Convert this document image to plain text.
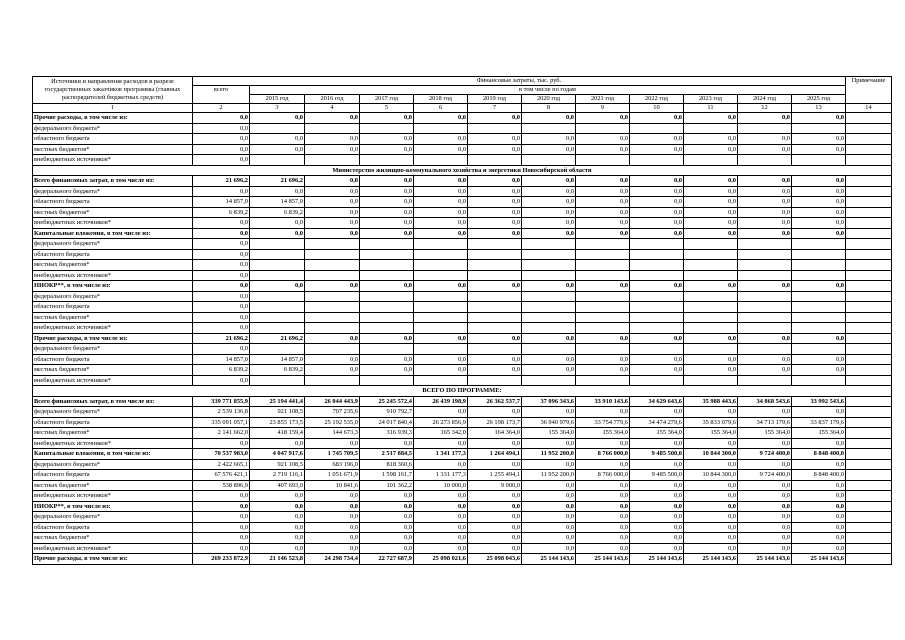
Источники и направления расходов в разрезе государственных заказчиков программы (главных распорядителей бюджетных средств)	Финансовые затраты, тыс. руб.												Примечание
	всего	в том числе по годам											
		2015 год	2016 год	2017 год	2018 год	2019 год	2020 год	2021 год	2022 год	2023 год	2024 год	2025 год	
1	2	3	4	5	6	7	8	9	10	11	12	13	14
Прочие расходы, в том числе из:	0,0	0,0	0,0	0,0	0,0	0,0	0,0	0,0	0,0	0,0	0,0	0,0	
федерального бюджета*	0,0												
областного бюджета	0,0	0,0	0,0	0,0	0,0	0,0	0,0	0,0	0,0	0,0	0,0	0,0	
местных бюджетов*	0,0	0,0	0,0	0,0	0,0	0,0	0,0	0,0	0,0	0,0	0,0	0,0	
внебюджетных источников*	0,0												
Министерство жилищно-коммунального хозяйства и энергетики Новосибирской области													
Всего финансовых затрат, в том числе из:	21 696,2	21 696,2	0,0	0,0	0,0	0,0	0,0	0,0	0,0	0,0	0,0	0,0	
федерального бюджета*	0,0	0,0	0,0	0,0	0,0	0,0	0,0	0,0	0,0	0,0	0,0	0,0	
областного бюджета	14 857,0	14 857,0	0,0	0,0	0,0	0,0	0,0	0,0	0,0	0,0	0,0	0,0	
местных бюджетов*	6 839,2	6 839,2	0,0	0,0	0,0	0,0	0,0	0,0	0,0	0,0	0,0	0,0	
внебюджетных источников*	0,0	0,0	0,0	0,0	0,0	0,0	0,0	0,0	0,0	0,0	0,0	0,0	
Капитальные вложения, в том числе из:	0,0	0,0	0,0	0,0	0,0	0,0	0,0	0,0	0,0	0,0	0,0	0,0	
федерального бюджета*	0,0												
областного бюджета	0,0												
местных бюджетов*	0,0												
внебюджетных источников*	0,0												
НИОКР**, в том числе из:	0,0	0,0	0,0	0,0	0,0	0,0	0,0	0,0	0,0	0,0	0,0	0,0	
федерального бюджета*	0,0												
областного бюджета	0,0												
местных бюджетов*	0,0												
внебюджетных источников*	0,0												
Прочие расходы, в том числе из:	21 696,2	21 696,2	0,0	0,0	0,0	0,0	0,0	0,0	0,0	0,0	0,0	0,0	
федерального бюджета*	0,0												
областного бюджета	14 857,0	14 857,0	0,0	0,0	0,0	0,0	0,0	0,0	0,0	0,0	0,0	0,0	
местных бюджетов*	6 839,2	6 839,2	0,0	0,0	0,0	0,0	0,0	0,0	0,0	0,0	0,0	0,0	
внебюджетных источников*	0,0												
ВСЕГО ПО ПРОГРАММЕ:													
Всего финансовых затрат, в том числе из:	339 771 855,9	25 194 441,4	26 044 443,9	25 245 572,4	26 439 198,9	26 362 537,7	37 096 343,6	33 910 143,6	34 629 643,6	35 988 443,6	34 868 543,6	33 992 543,6	
федерального бюджета*	2 539 136,8	921 108,5	707 235,6	910 792,7	0,0	0,0	0,0	0,0	0,0	0,0	0,0	0,0	
областного бюджета	335 091 057,1	23 855 173,5	25 192 535,0	24 017 840,4	26 273 856,9	26 198 173,7	36 940 979,6	33 754 779,6	34 474 279,6	35 833 079,6	34 713 179,6	33 837 179,6	
местных бюджетов*	2 141 662,0	418 159,4	144 673,3	316 939,3	165 342,0	164 364,0	155 364,0	155 364,0	155 364,0	155 364,0	155 364,0	155 364,0	
внебюджетных источников*	0,0	0,0	0,0	0,0	0,0	0,0	0,0	0,0	0,0	0,0	0,0	0,0	
Капитальные вложения, в том числе из:	70 537 983,0	4 047 917,6	1 745 709,5	2 517 884,5	1 341 177,3	1 264 494,1	11 952 200,0	8 766 000,0	9 485 500,0	10 844 300,0	9 724 400,0	8 848 400,0	
федерального бюджета*	2 422 665,1	921 108,5	683 196,0	818 360,6	0,0	0,0	0,0	0,0	0,0	0,0	0,0	0,0	
областного бюджета	67 576 421,1	2 719 116,1	1 051 671,9	1 598 161,7	1 331 177,3	1 255 494,1	11 952 200,0	8 766 000,0	9 485 500,0	10 844 300,0	9 724 400,0	8 848 400,0	
местных бюджетов*	538 896,9	407 693,0	10 841,6	101 362,2	10 000,0	9 000,0	0,0	0,0	0,0	0,0	0,0	0,0	
внебюджетных источников*	0,0	0,0	0,0	0,0	0,0	0,0	0,0	0,0	0,0	0,0	0,0	0,0	
НИОКР**, в том числе из:	0,0	0,0	0,0	0,0	0,0	0,0	0,0	0,0	0,0	0,0	0,0	0,0	
федерального бюджета*	0,0	0,0	0,0	0,0	0,0	0,0	0,0	0,0	0,0	0,0	0,0	0,0	
областного бюджета	0,0	0,0	0,0	0,0	0,0	0,0	0,0	0,0	0,0	0,0	0,0	0,0	
местных бюджетов*	0,0	0,0	0,0	0,0	0,0	0,0	0,0	0,0	0,0	0,0	0,0	0,0	
внебюджетных источников*	0,0	0,0	0,0	0,0	0,0	0,0	0,0	0,0	0,0	0,0	0,0	0,0	
Прочие расходы, в том числе из:	269 233 872,9	21 146 523,8	24 298 734,4	22 727 687,9	25 098 021,6	25 098 043,6	25 144 143,6	25 144 143,6	25 144 143,6	25 144 143,6	25 144 143,6	25 144 143,6	
